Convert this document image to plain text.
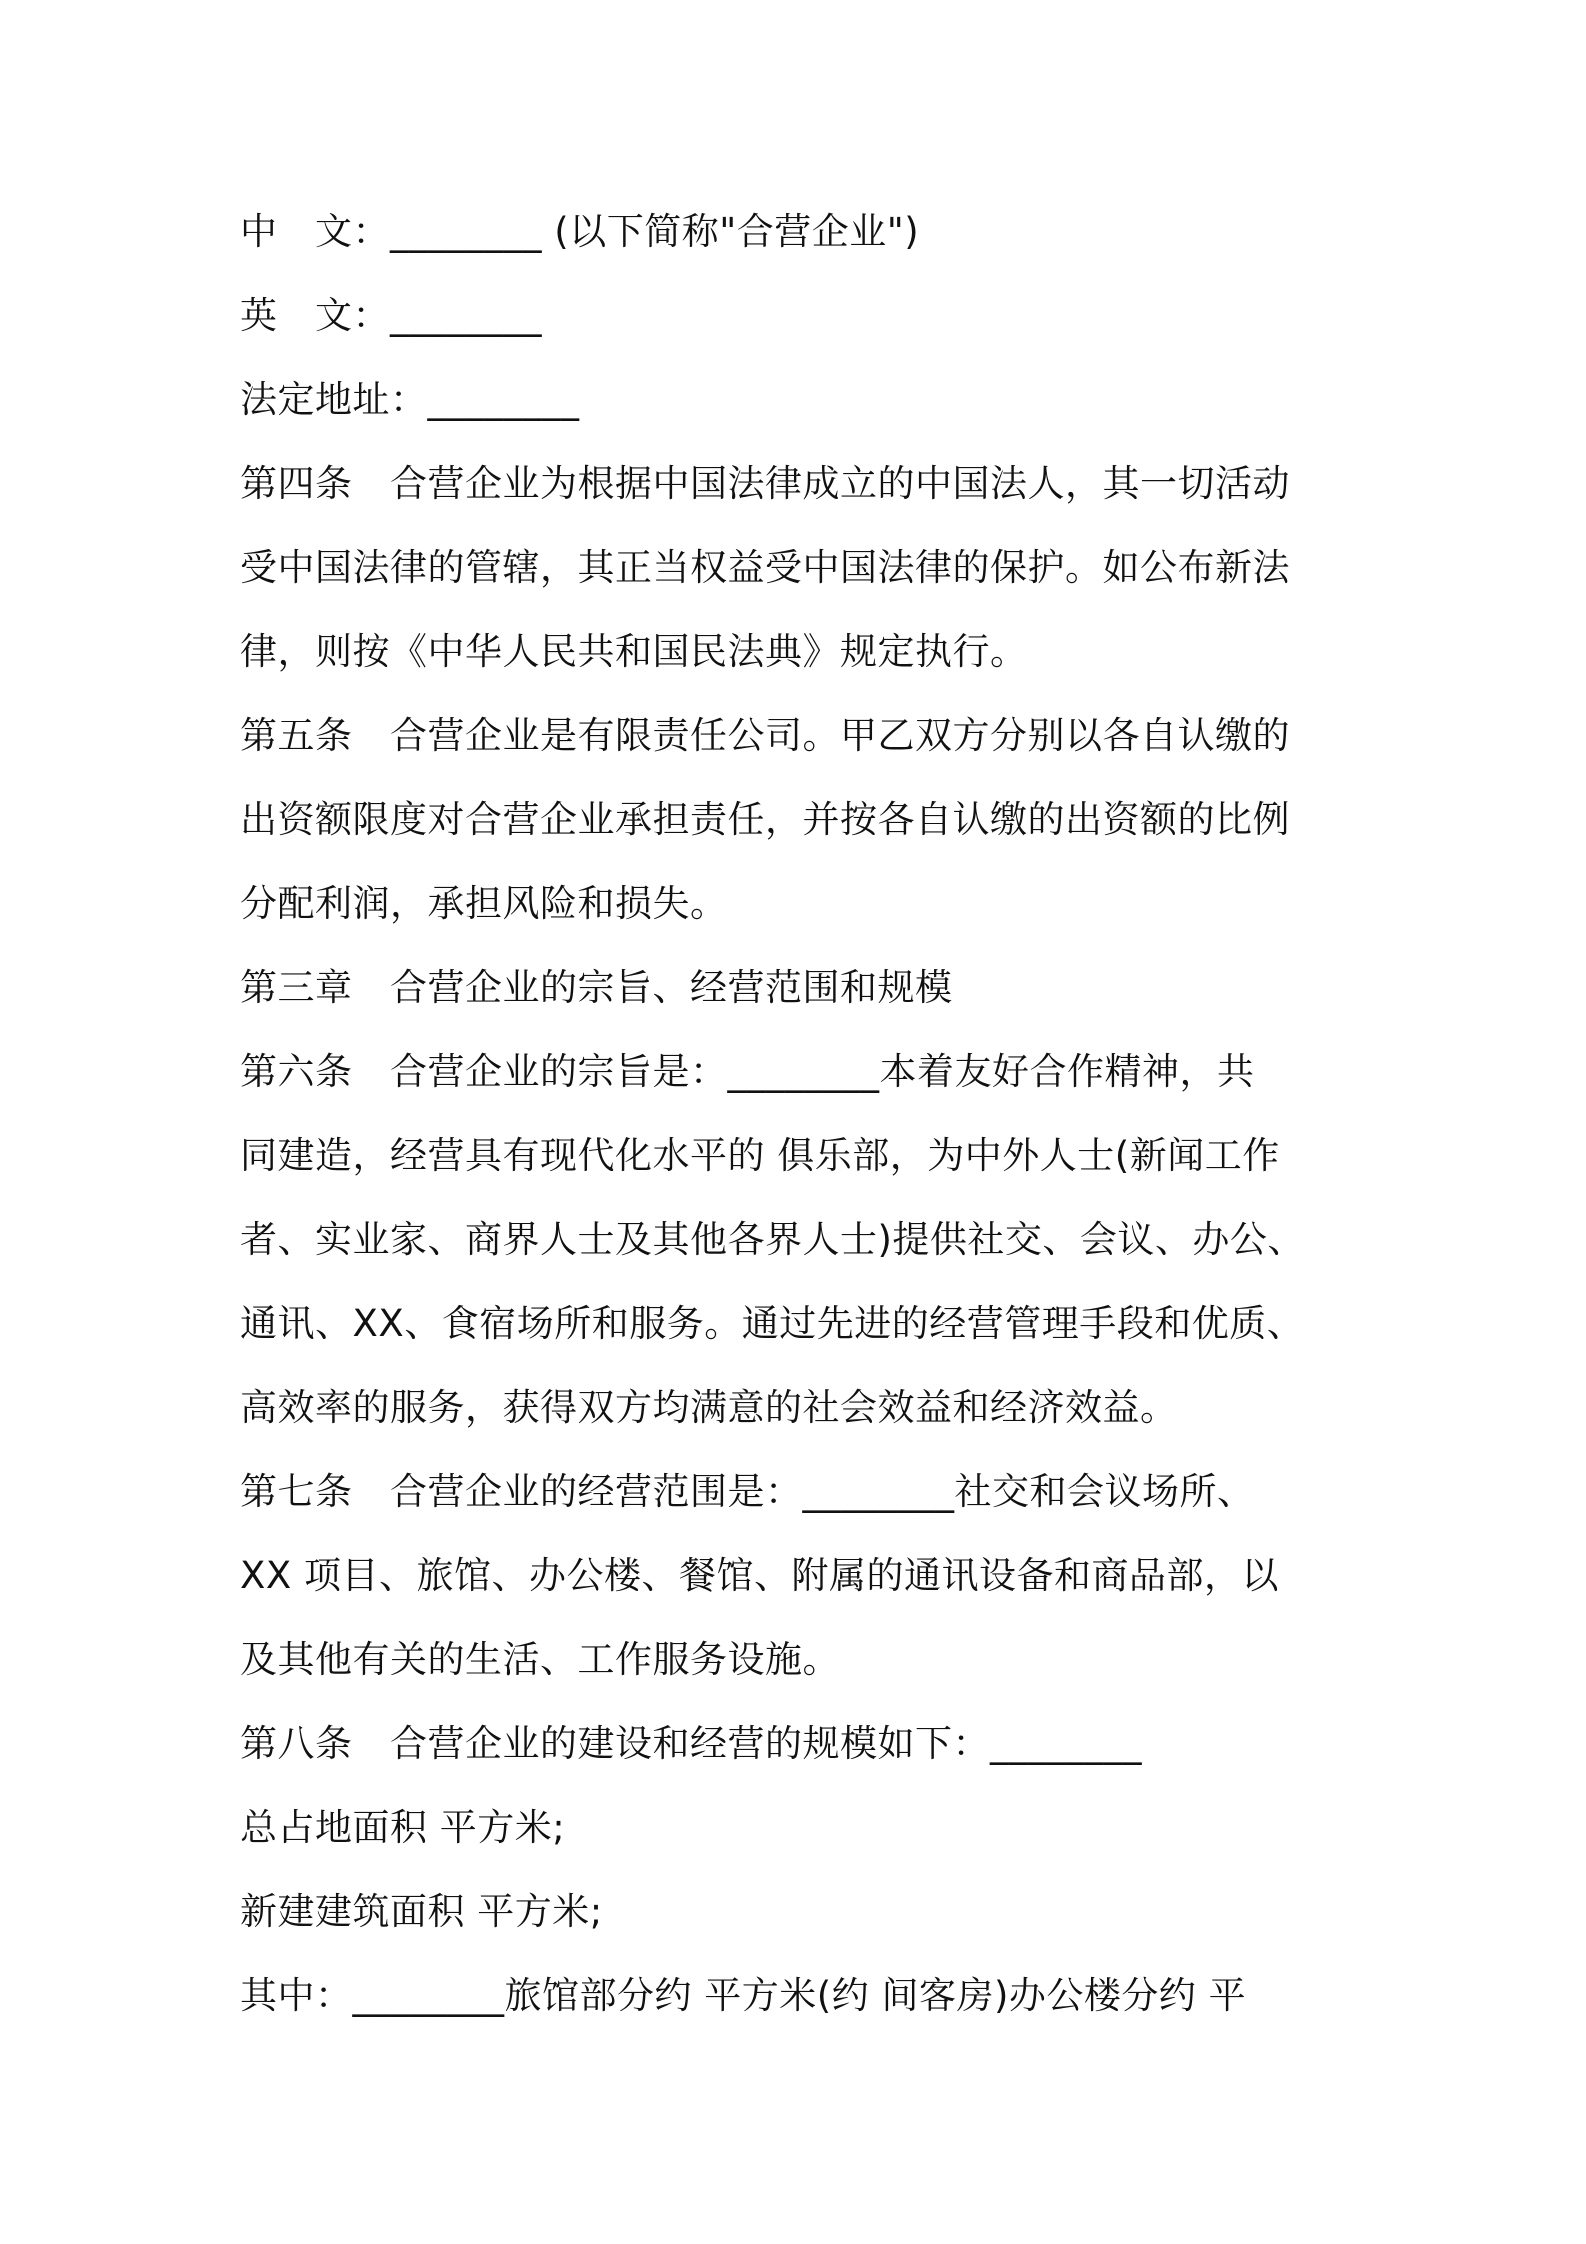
中　文：________ (以下简称"合营企业")
英　文：________
法定地址：________
第四条　合营企业为根据中国法律成立的中国法人，其一切活动
受中国法律的管辖，其正当权益受中国法律的保护。如公布新法
律，则按《中华人民共和国民法典》规定执行。
第五条　合营企业是有限责任公司。甲乙双方分别以各自认缴的
出资额限度对合营企业承担责任，并按各自认缴的出资额的比例
分配利润，承担风险和损失。
第三章　合营企业的宗旨、经营范围和规模
第六条　合营企业的宗旨是：________本着友好合作精神，共
同建造，经营具有现代化水平的 俱乐部，为中外人士(新闻工作
者、实业家、商界人士及其他各界人士)提供社交、会议、办公、
通讯、XX、食宿场所和服务。通过先进的经营管理手段和优质、
高效率的服务，获得双方均满意的社会效益和经济效益。
第七条　合营企业的经营范围是：________社交和会议场所、
XX 项目、旅馆、办公楼、餐馆、附属的通讯设备和商品部，以
及其他有关的生活、工作服务设施。
第八条　合营企业的建设和经营的规模如下：________
总占地面积 平方米;
新建建筑面积 平方米;
其中：________旅馆部分约 平方米(约 间客房)办公楼分约 平
